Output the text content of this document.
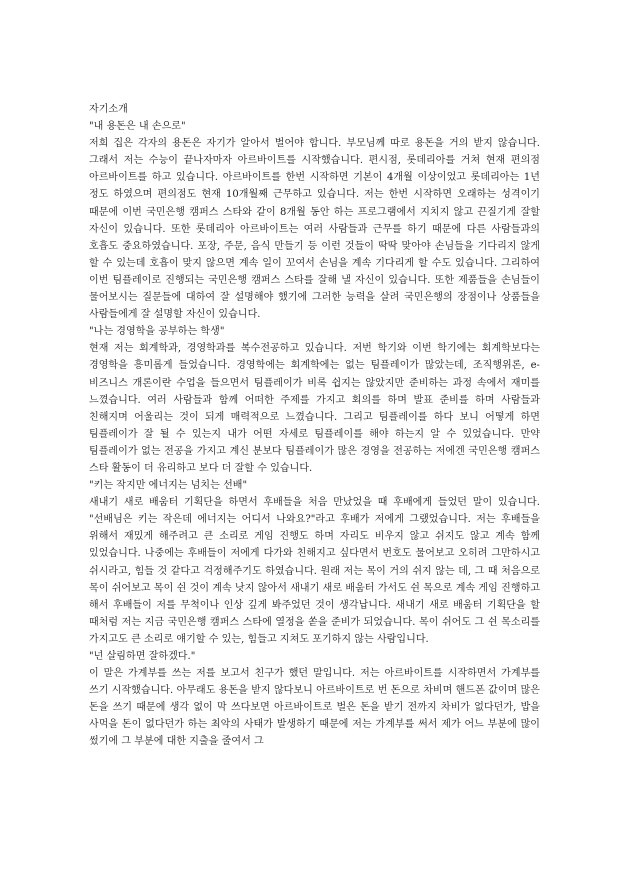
자기소개

"내 용돈은 내 손으로"

저희 집은 각자의 용돈은 자기가 알아서 벌어야 합니다. 부모님께 따로 용돈을 거의 받지 않습니다. 그래서 저는 수능이 끝나자마자 아르바이트를 시작했습니다. 편시점, 롯데리아를 거쳐 현재 편의점 아르바이트를 하고 있습니다. 아르바이트를 한번 시작하면 기본이 4개월 이상이었고 롯데리아는 1년 정도 하였으며 편의점도 현재 10개월째 근무하고 있습니다. 저는 한번 시작하면 오래하는 성격이기 때문에 이번 국민은행 캠퍼스 스타와 같이 8개월 동안 하는 프로그램에서 지치지 않고 끈질기게 잘할 자신이 있습니다. 또한 롯데리아 아르바이트는 여러 사람들과 근무를 하기 때문에 다른 사람들과의 호흡도 중요하였습니다. 포장, 주문, 음식 만들기 등 이런 것들이 딱딱 맞아야 손님들을 기다리지 않게 할 수 있는데 호흡이 맞지 않으면 계속 일이 꼬여서 손님을 계속 기다리게 할 수도 있습니다. 그리하여 이번 팀플레이로 진행되는 국민은행 캠퍼스 스타를 잘해 낼 자신이 있습니다. 또한 제품들을 손님들이 물어보시는 질문들에 대하여 잘 설명해야 했기에 그러한 능력을 살려 국민은행의 장점이나 상품들을 사람들에게 잘 설명할 자신이 있습니다.

"나는 경영학을 공부하는 학생"

현재 저는 회계학과, 경영학과를 복수전공하고 있습니다. 저번 학기와 이번 학기에는 회계학보다는 경영학을 흥미롭게 들었습니다. 경영학에는 회계학에는 없는 팀플레이가 많았는데, 조직행위론, e-비즈니스 개론이란 수업을 들으면서 팀플레이가 비록 쉽지는 않았지만 준비하는 과정 속에서 재미를 느꼈습니다. 여러 사람들과 함께 어떠한 주제를 가지고 회의를 하며 발표 준비를 하며 사람들과 친해지며 어울리는 것이 되게 매력적으로 느꼈습니다. 그리고 팀플레이를 하다 보니 어떻게 하면 팀플레이가 잘 될 수 있는지 내가 어떤 자세로 팀플레이를 해야 하는지 알 수 있었습니다. 만약 팀플레이가 없는 전공을 가지고 계신 분보다 팀플레이가 많은 경영을 전공하는 저에겐 국민은행 캠퍼스 스타 활동이 더 유리하고 보다 더 잘할 수 있습니다.

"키는 작지만 에너지는 넘치는 선배"

새내기 새로 배움터 기획단을 하면서 후배들을 처음 만났었을 때 후배에게 들었던 말이 있습니다. "선배님은 키는 작은데 에너지는 어디서 나와요?"라고 후배가 저에게 그랬었습니다. 저는 후배들을 위해서 재밌게 해주려고 큰 소리로 게임 진행도 하며 자리도 비우지 않고 쉬지도 않고 계속 함께 있었습니다. 나중에는 후배들이 저에게 다가와 친해지고 싶다면서 번호도 물어보고 오히려 그만하시고 쉬시라고, 힘들 것 같다고 걱정해주기도 하였습니다. 원래 저는 목이 거의 쉬지 않는 데, 그 때 처음으로 목이 쉬어보고 목이 쉰 것이 계속 낫지 않아서 새내기 새로 배움터 가서도 쉰 목으로 계속 게임 진행하고 해서 후배들이 저를 무척이나 인상 깊게 봐주었던 것이 생각납니다. 새내기 새로 배움터 기획단을 할 때처럼 저는 지금 국민은행 캠퍼스 스타에 열정을 쏟을 준비가 되었습니다. 목이 쉬어도 그 쉰 목소리를 가지고도 큰 소리로 얘기할 수 있는, 힘들고 지쳐도 포기하지 않는 사람입니다.

"넌 살림하면 잘하겠다."

이 말은 가계부를 쓰는 저를 보고서 친구가 했던 말입니다. 저는 아르바이트를 시작하면서 가계부를 쓰기 시작했습니다. 아무래도 용돈을 받지 않다보니 아르바이트로 번 돈으로 차비며 핸드폰 값이며 많은 돈을 쓰기 때문에 생각 없이 막 쓰다보면 아르바이트로 벌은 돈을 받기 전까지 차비가 없다던가, 밥을 사먹을 돈이 없다던가 하는 최악의 사태가 발생하기 때문에 저는 가계부를 써서 제가 어느 부분에 많이 썼기에 그 부분에 대한 지출을 줄여서 그
